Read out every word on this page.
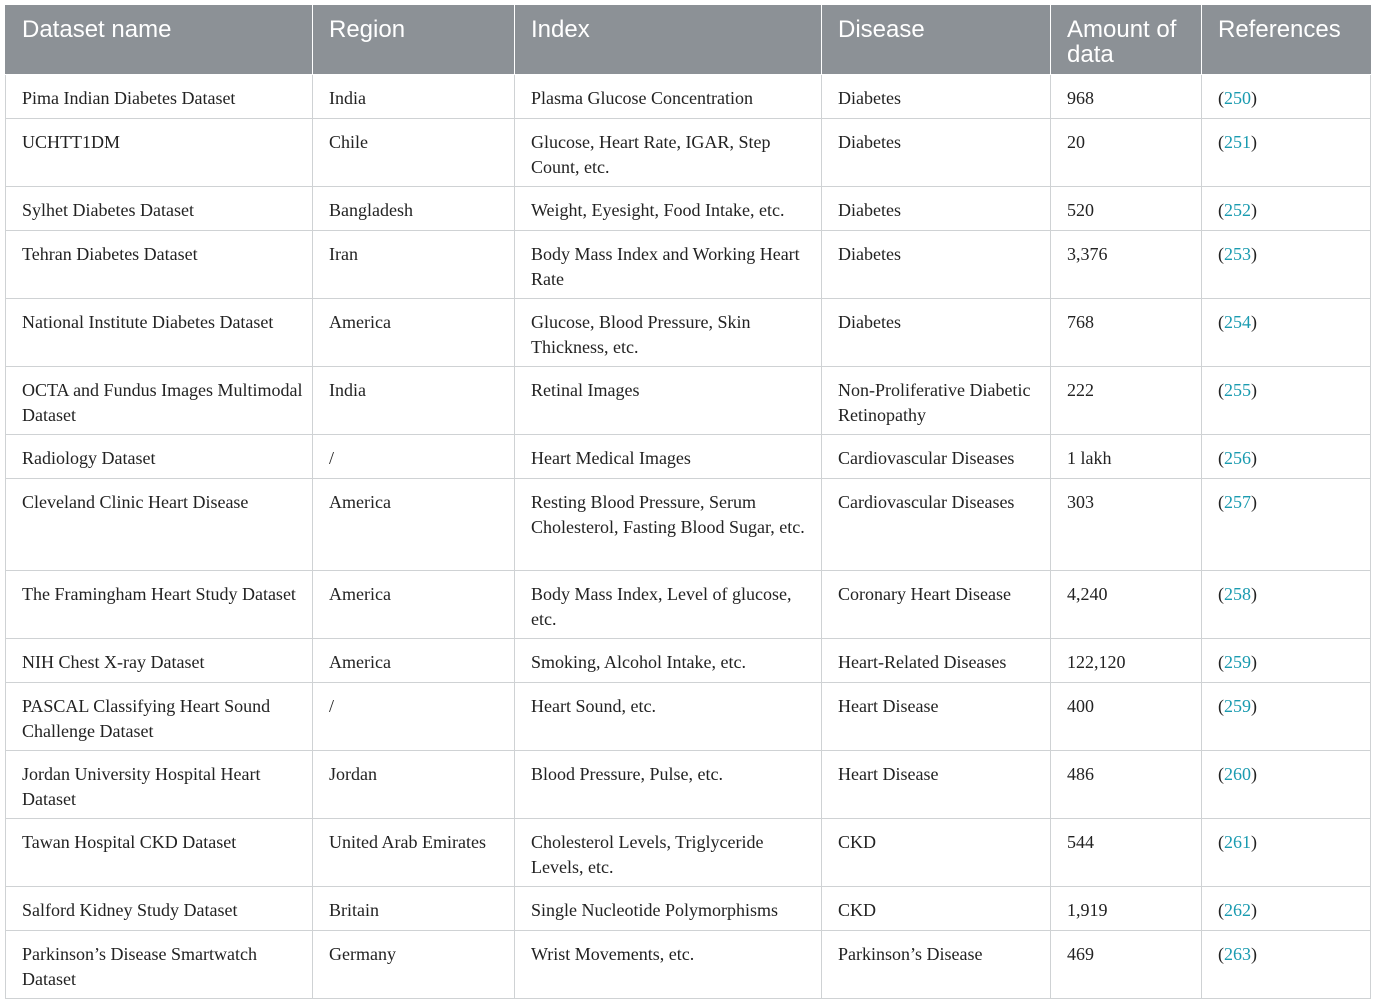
Dataset name	Region	Index	Disease	Amount of data	References
Pima Indian Diabetes Dataset	India	Plasma Glucose Concentration	Diabetes	968	(250)
UCHTT1DM	Chile	Glucose, Heart Rate, IGAR, Step Count, etc.	Diabetes	20	(251)
Sylhet Diabetes Dataset	Bangladesh	Weight, Eyesight, Food Intake, etc.	Diabetes	520	(252)
Tehran Diabetes Dataset	Iran	Body Mass Index and Working Heart Rate	Diabetes	3,376	(253)
National Institute Diabetes Dataset	America	Glucose, Blood Pressure, Skin Thickness, etc.	Diabetes	768	(254)
OCTA and Fundus Images Multimodal Dataset	India	Retinal Images	Non-Proliferative Diabetic Retinopathy	222	(255)
Radiology Dataset	/	Heart Medical Images	Cardiovascular Diseases	1 lakh	(256)
Cleveland Clinic Heart Disease	America	Resting Blood Pressure, Serum Cholesterol, Fasting Blood Sugar, etc.	Cardiovascular Diseases	303	(257)
The Framingham Heart Study Dataset	America	Body Mass Index, Level of glucose, etc.	Coronary Heart Disease	4,240	(258)
NIH Chest X-ray Dataset	America	Smoking, Alcohol Intake, etc.	Heart-Related Diseases	122,120	(259)
PASCAL Classifying Heart Sound Challenge Dataset	/	Heart Sound, etc.	Heart Disease	400	(259)
Jordan University Hospital Heart Dataset	Jordan	Blood Pressure, Pulse, etc.	Heart Disease	486	(260)
Tawan Hospital CKD Dataset	United Arab Emirates	Cholesterol Levels, Triglyceride Levels, etc.	CKD	544	(261)
Salford Kidney Study Dataset	Britain	Single Nucleotide Polymorphisms	CKD	1,919	(262)
Parkinson’s Disease Smartwatch Dataset	Germany	Wrist Movements, etc.	Parkinson’s Disease	469	(263)
